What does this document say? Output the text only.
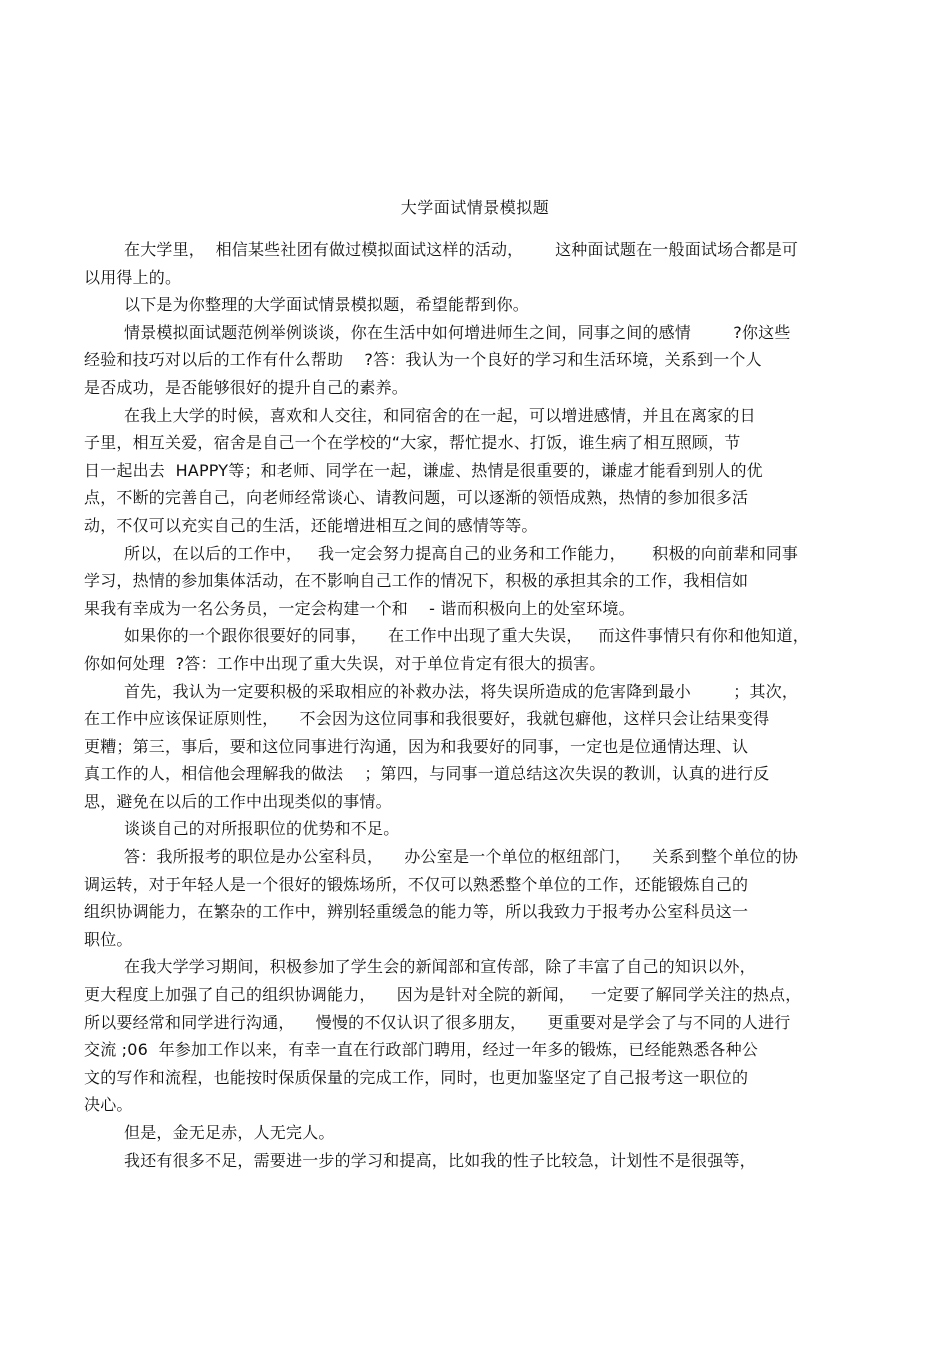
大学面试情景模拟题
在大学里，  相信某些社团有做过模拟面试这样的活动，      这种面试题在一般面试场合都是可
以用得上的。
以下是为你整理的大学面试情景模拟题，希望能帮到你。
情景模拟面试题范例举例谈谈，你在生活中如何增进师生之间，同事之间的感情        ?你这些
经验和技巧对以后的工作有什么帮助    ?答：我认为一个良好的学习和生活环境，关系到一个人
是否成功，是否能够很好的提升自己的素养。
在我上大学的时候，喜欢和人交往，和同宿舍的在一起，可以增进感情，并且在离家的日
子里，相互关爱，宿舍是自己一个在学校的“大家，帮忙提水、打饭，谁生病了相互照顾，节
日一起出去  HAPPY等；和老师、同学在一起，谦虚、热情是很重要的，谦虚才能看到别人的优
点，不断的完善自己，向老师经常谈心、请教问题，可以逐渐的领悟成熟，热情的参加很多活
动，不仅可以充实自己的生活，还能增进相互之间的感情等等。
所以，在以后的工作中，   我一定会努力提高自己的业务和工作能力，     积极的向前辈和同事
学习，热情的参加集体活动，在不影响自己工作的情况下，积极的承担其余的工作，我相信如
果我有幸成为一名公务员，一定会构建一个和    - 谐而积极向上的处室环境。
如果你的一个跟你很要好的同事，    在工作中出现了重大失误，   而这件事情只有你和他知道，
你如何处理  ?答：工作中出现了重大失误，对于单位肯定有很大的损害。
首先，我认为一定要积极的采取相应的补救办法，将失误所造成的危害降到最小        ；其次，
在工作中应该保证原则性，    不会因为这位同事和我很要好，我就包癖他，这样只会让结果变得
更糟；第三，事后，要和这位同事进行沟通，因为和我要好的同事，一定也是位通情达理、认
真工作的人，相信他会理解我的做法    ；第四，与同事一道总结这次失误的教训，认真的进行反
思，避免在以后的工作中出现类似的事情。
谈谈自己的对所报职位的优势和不足。
答：我所报考的职位是办公室科员，    办公室是一个单位的枢纽部门，    关系到整个单位的协
调运转，对于年轻人是一个很好的锻炼场所，不仅可以熟悉整个单位的工作，还能锻炼自己的
组织协调能力，在繁杂的工作中，辨别轻重缓急的能力等，所以我致力于报考办公室科员这一
职位。
在我大学学习期间，积极参加了学生会的新闻部和宣传部，除了丰富了自己的知识以外，
更大程度上加强了自己的组织协调能力，    因为是针对全院的新闻，   一定要了解同学关注的热点，
所以要经常和同学进行沟通，    慢慢的不仅认识了很多朋友，    更重要对是学会了与不同的人进行
交流 ;06  年参加工作以来，有幸一直在行政部门聘用，经过一年多的锻炼，已经能熟悉各种公
文的写作和流程，也能按时保质保量的完成工作，同时，也更加鉴坚定了自己报考这一职位的
决心。
但是，金无足赤，人无完人。
我还有很多不足，需要进一步的学习和提高，比如我的性子比较急，计划性不是很强等，
